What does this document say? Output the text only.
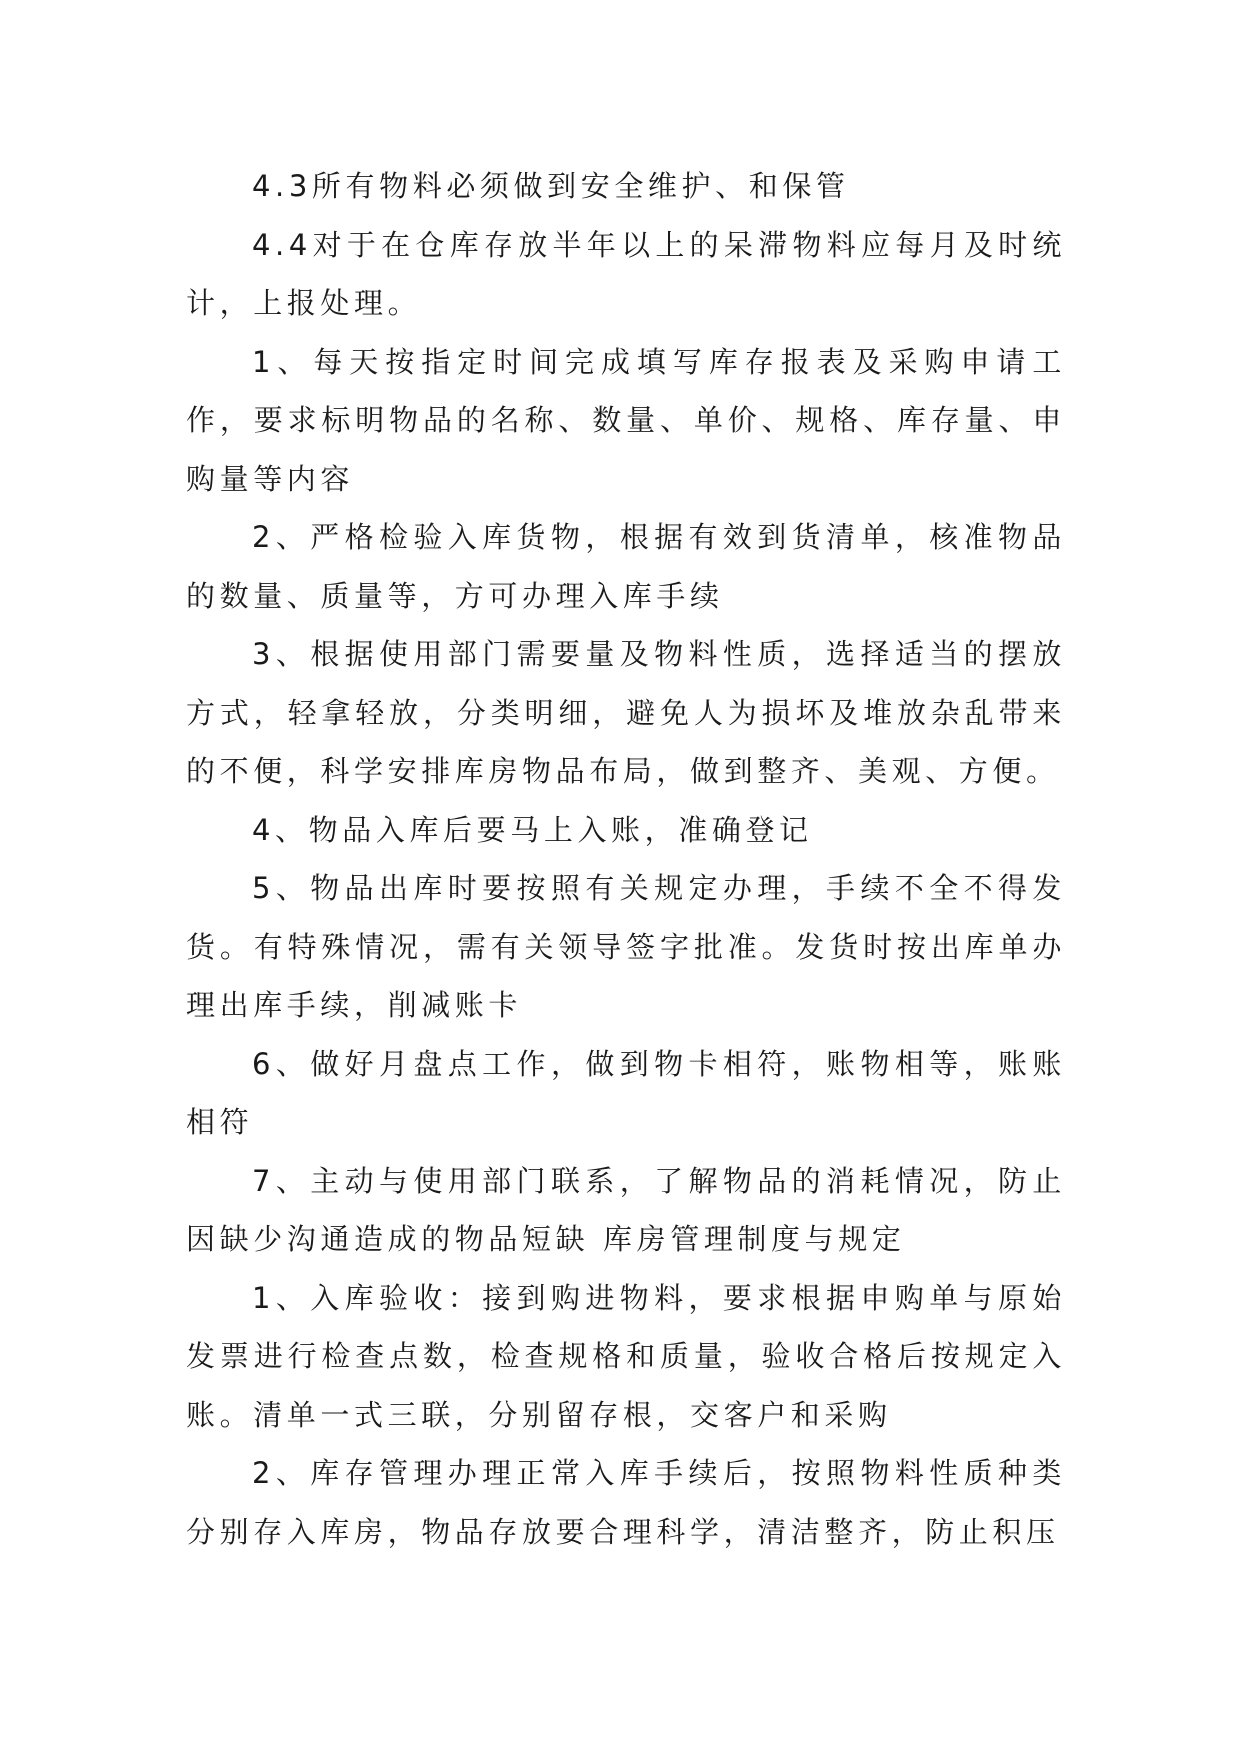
4.3所有物料必须做到安全维护、和保管

4.4对于在仓库存放半年以上的呆滞物料应每月及时统计，上报处理。

1、每天按指定时间完成填写库存报表及采购申请工作，要求标明物品的名称、数量、单价、规格、库存量、申购量等内容

2、严格检验入库货物，根据有效到货清单，核准物品的数量、质量等，方可办理入库手续

3、根据使用部门需要量及物料性质，选择适当的摆放方式，轻拿轻放，分类明细，避免人为损坏及堆放杂乱带来的不便，科学安排库房物品布局，做到整齐、美观、方便。

4、物品入库后要马上入账，准确登记

5、物品出库时要按照有关规定办理，手续不全不得发货。有特殊情况，需有关领导签字批准。发货时按出库单办理出库手续，削减账卡

6、做好月盘点工作，做到物卡相符，账物相等，账账相符

7、主动与使用部门联系，了解物品的消耗情况，防止因缺少沟通造成的物品短缺 库房管理制度与规定

1、入库验收：接到购进物料，要求根据申购单与原始发票进行检查点数，检查规格和质量，验收合格后按规定入账。清单一式三联，分别留存根，交客户和采购

2、库存管理办理正常入库手续后，按照物料性质种类分别存入库房，物品存放要合理科学，清洁整齐，防止积压
